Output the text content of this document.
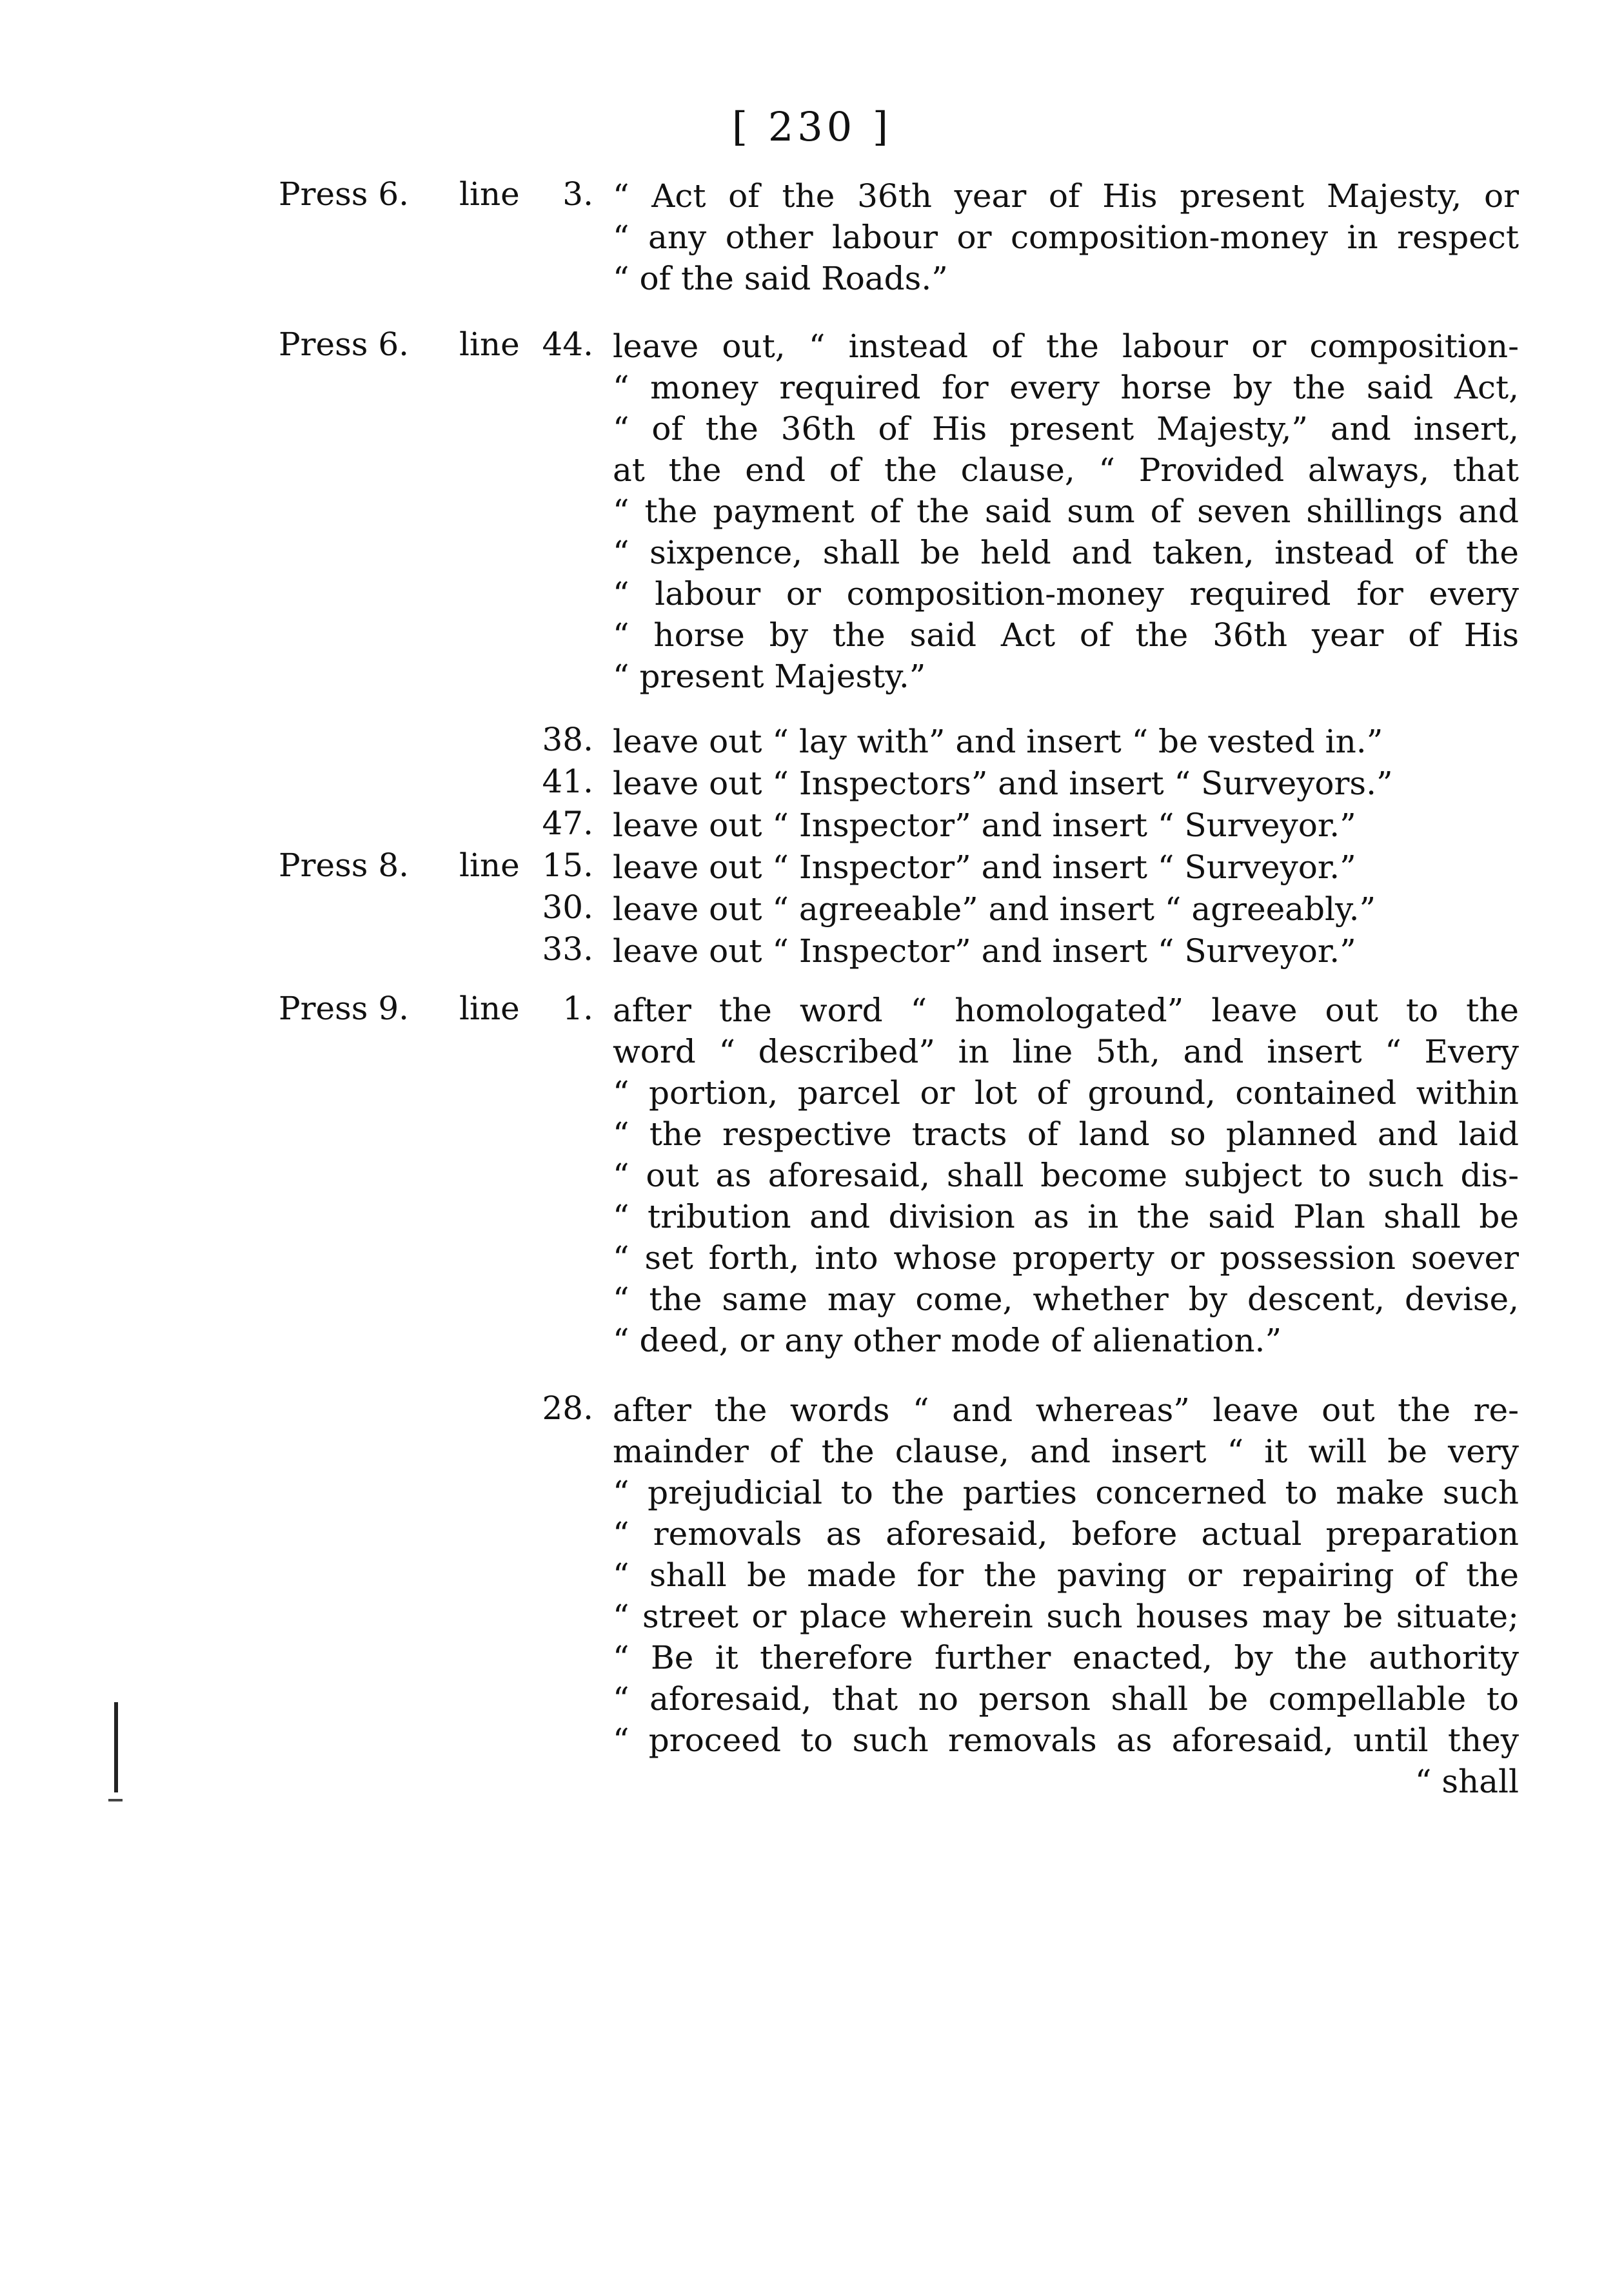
[ 230 ]
Press 6. line	3. “ Act of the 36th year of His present Majesty, or
“ any other labour or composition-money in respect
“ of the said Roads.”
Press 6. line 44. leave out, “ instead of the labour or composition-
“ money required for every horse by the said Act,
“ of the 36th of His present Majesty,” and insert,
at the end of the clause, “ Provided always, that
“ the payment of the said sum of seven shillings and
“ sixpence, shall be held and taken, instead of the
“ labour or composition-money required for every
“ horse by the said Act of the 36th year of His
“ present Majesty.”
38. leave out “ lay with” and insert “ be vested in.”
41. leave out “ Inspectors” and insert “ Surveyors.”
47. leave out “ Inspector” and insert “ Surveyor.”
Press 8. line 15. leave out “ Inspector” and insert “ Surveyor.”
30. leave out “ agreeable” and insert “ agreeably.”
33. leave out “ Inspector” and insert “ Surveyor.”
Press 9. line	1. after the word “ homologated” leave out to the
word “ described” in line 5th, and insert “ Every
“ portion, parcel or lot of ground, contained within
“ the respective tracts of land so planned and laid
“ out as aforesaid, shall become subject to such dis-
“ tribution and division as in the said Plan shall be
“ set forth, into whose property or possession soever
“ the same may come, whether by descent, devise,
“ deed, or any other mode of alienation.”
28. after the words “ and whereas” leave out the re-
mainder of the clause, and insert “ it will be very
“ prejudicial to the parties concerned to make such
“ removals as aforesaid, before actual preparation
“ shall be made for the paving or repairing of the
“ street or place wherein such houses may be situate;
“ Be it therefore further enacted, by the authority
“ aforesaid, that no person shall be compellable to
“ proceed to such removals as aforesaid, until they
“ shall
